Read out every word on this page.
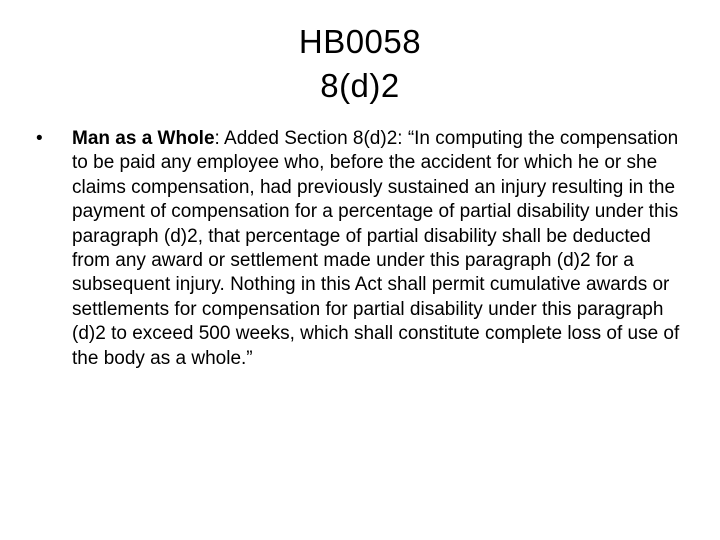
HB0058
8(d)2
•	Man as a Whole: Added Section 8(d)2: “In computing the compensation to be paid any employee who, before the accident for which he or she claims compensation, had previously sustained an injury resulting in the payment of compensation for a percentage of partial disability under this paragraph (d)2, that percentage of partial disability shall be deducted from any award or settlement made under this paragraph (d)2 for a subsequent injury. Nothing in this Act shall permit cumulative awards or settlements for compensation for partial disability under this paragraph (d)2 to exceed 500 weeks, which shall constitute complete loss of use of the body as a whole.”
